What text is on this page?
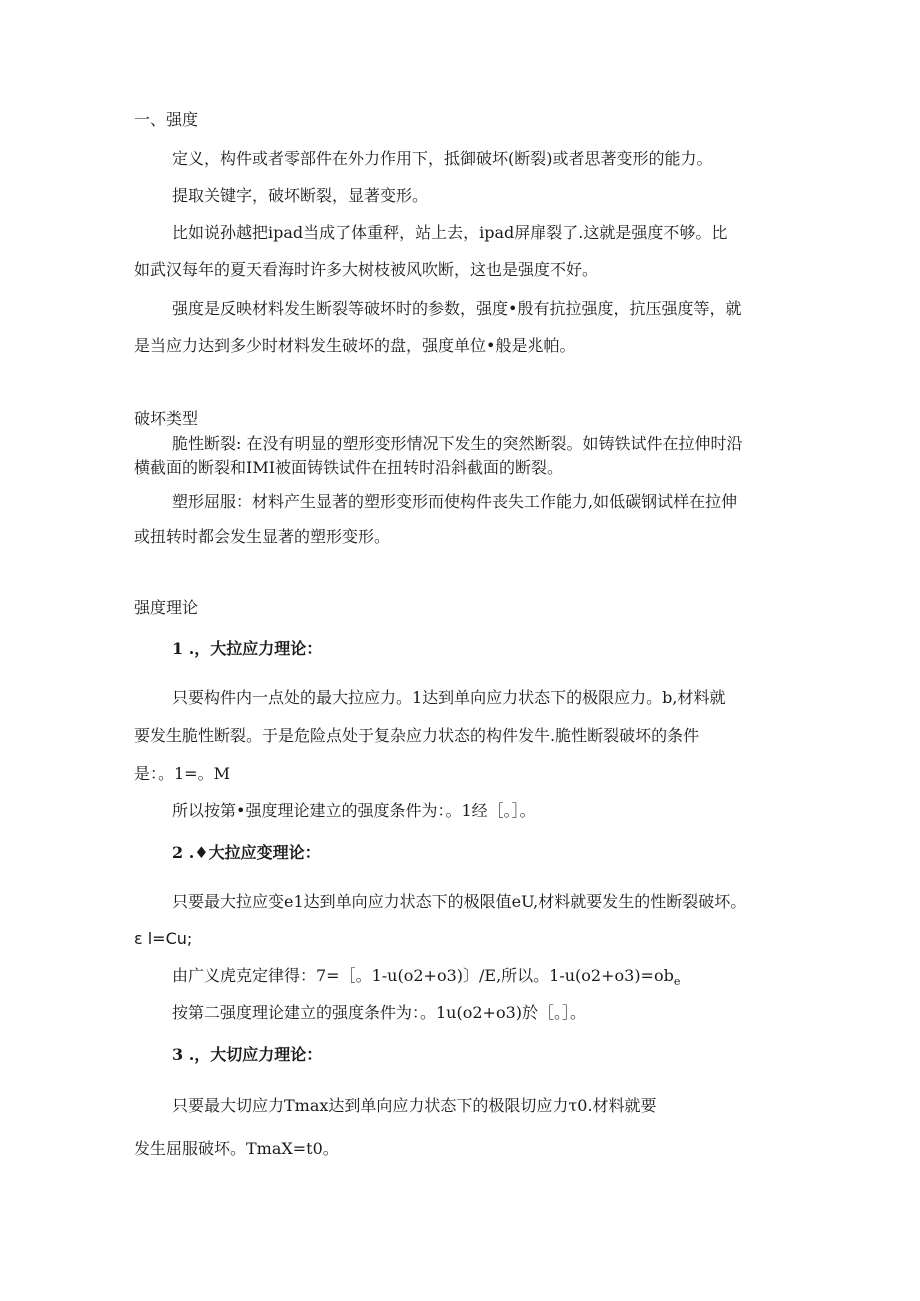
一、强度
定义，构件或者零部件在外力作用下，抵御破坏(断裂)或者思著变形的能力。
提取关键字，破坏断裂，显著变形。
比如说孙越把ipad当成了体重秤，站上去，ipad屏扉裂了.这就是强度不够。比
如武汉每年的夏天看海时许多大树枝被风吹断，这也是强度不好。
强度是反映材料发生断裂等破坏时的参数，强度•殷有抗拉强度，抗压强度等，就
是当应力达到多少时材料发生破坏的盘，强度单位•般是兆帕。
破坏类型
脆性断裂: 在没有明显的塑形变形情况下发生的突然断裂。如铸铁试件在拉伸时沿
横截面的断裂和IMI被面铸铁试件在扭转时沿斜截面的断裂。
塑形屈服：材料产生显著的塑形变形而使构件丧失工作能力,如低碳钢试样在拉伸
或扭转时都会发生显著的塑形变形。
强度理论
1 .，大拉应力理论：
只要构件内一点处的最大拉应力。1达到单向应力状态下的极限应力。b,材料就
要发生脆性断裂。于是危险点处于复杂应力状态的构件发牛.脆性断裂破坏的条件
是：。1=。M
所以按第•强度理论建立的强度条件为：。1经［。］。
2 .♦大拉应变理论：
只要最大拉应变e1达到单向应力状态下的极限值eU,材料就要发生的性断裂破坏。
ε l=Cu;
由广义虎克定律得：7=［。1-u(o2+o3)〕/E,所以。$1-u(o2+o3)=ob_e$
按第二强度理论建立的强度条件为：。1u(o2+o3)於［。］。
3 .，大切应力理论：
只要最大切应力Tmax达到单向应力状态下的极限切应力τ0.材料就要
发生屈服破坏。TmaX=t0。
